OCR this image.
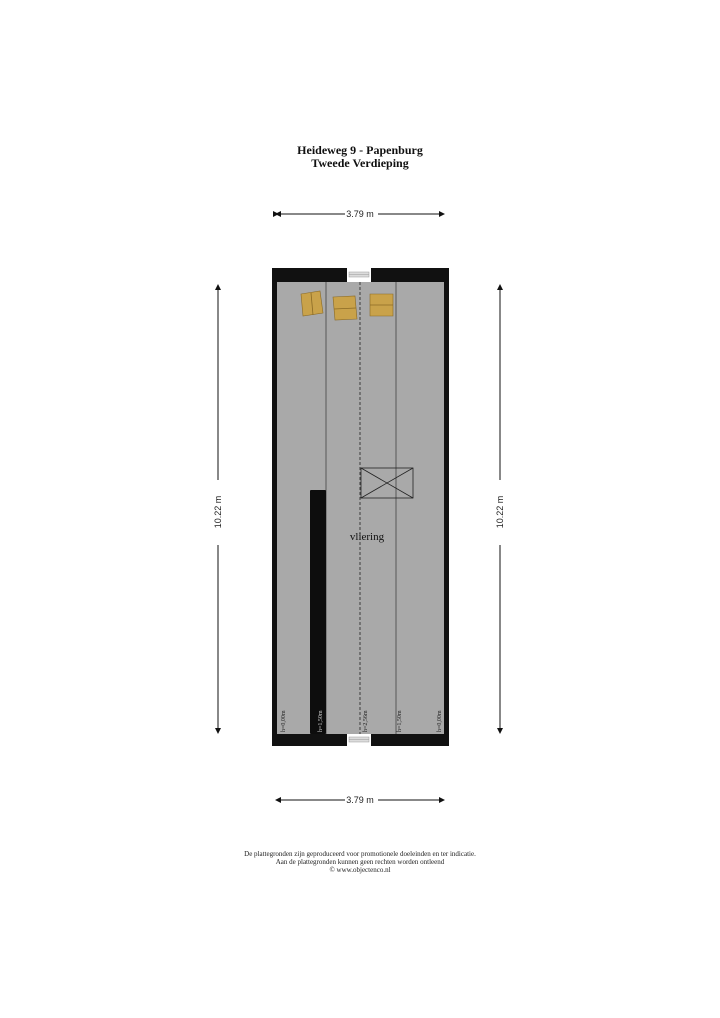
Heideweg 9 - Papenburg
Tweede Verdieping
3.79 m
3.79 m
10.22 m	10.22 m
vliering
h=0,00m	h=1,50m	h=2,56m	h=1,50m	h=0,00m
De plattegronden zijn geproduceerd voor promotionele doeleinden en ter indicatie.
Aan de plattegronden kunnen geen rechten worden ontleend
© www.objectenco.nl
